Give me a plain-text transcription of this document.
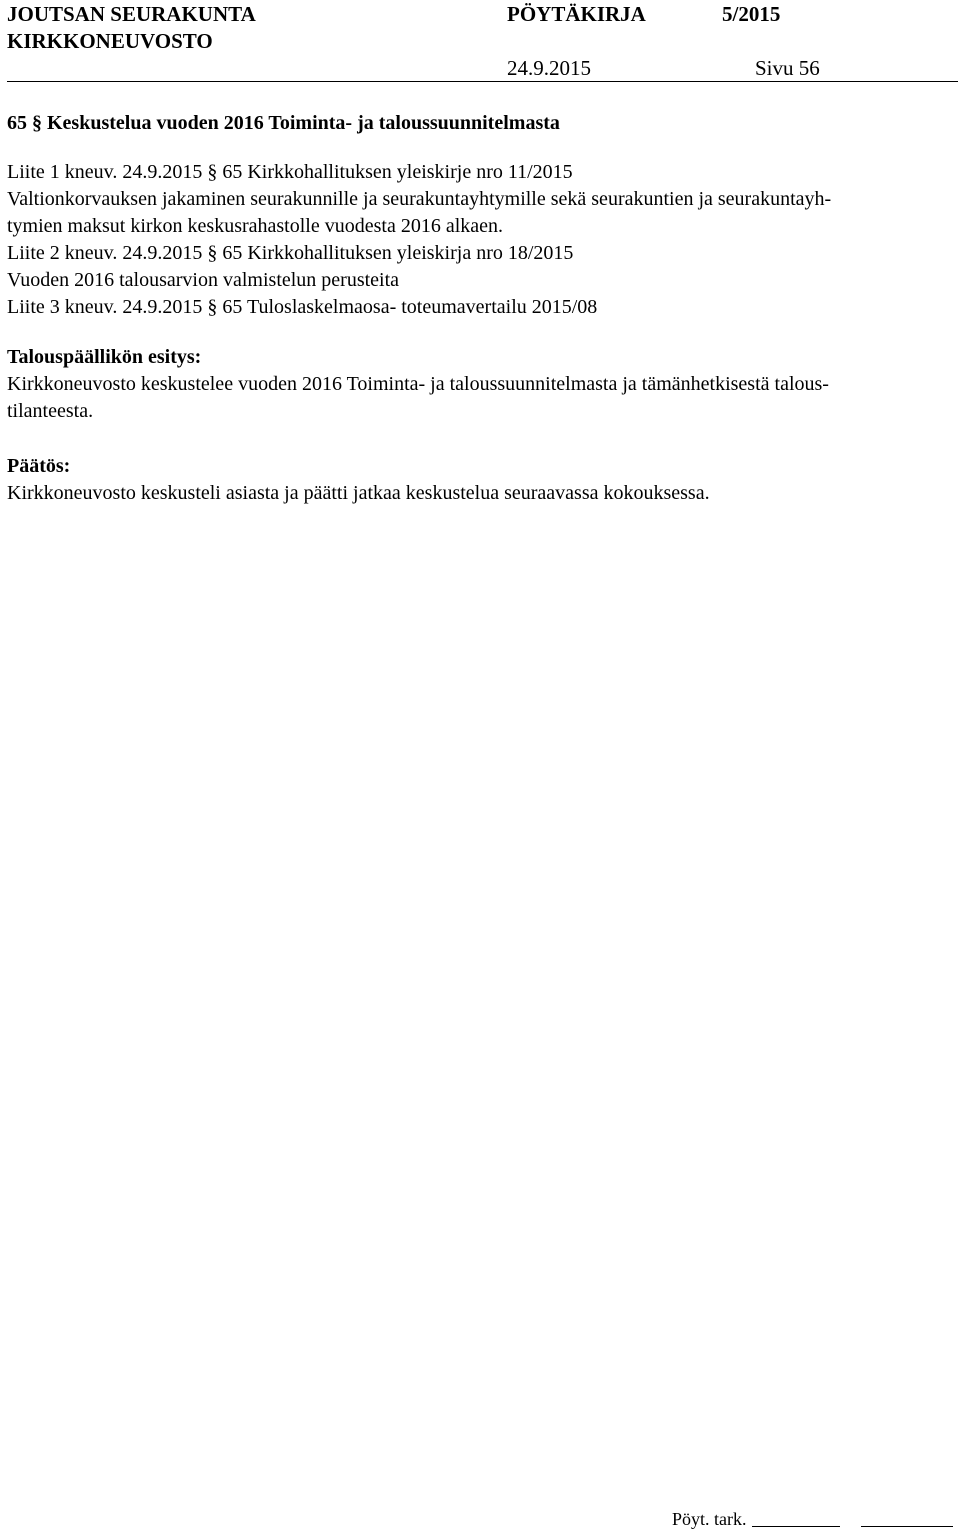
JOUTSAN SEURAKUNTA	PÖYTÄKIRJA	5/2015
KIRKKONEUVOSTO
24.9.2015	Sivu 56
65 § Keskustelua vuoden 2016 Toiminta- ja taloussuunnitelmasta
Liite 1 kneuv. 24.9.2015 § 65 Kirkkohallituksen yleiskirje nro 11/2015
Valtionkorvauksen jakaminen seurakunnille ja seurakuntayhtymille sekä seurakuntien ja seurakuntayh-
tymien maksut kirkon keskusrahastolle vuodesta 2016 alkaen.
Liite 2 kneuv. 24.9.2015 § 65 Kirkkohallituksen yleiskirja nro 18/2015
Vuoden 2016 talousarvion valmistelun perusteita
Liite 3 kneuv. 24.9.2015 § 65 Tuloslaskelmaosa- toteumavertailu 2015/08
Talouspäällikön esitys:
Kirkkoneuvosto keskustelee vuoden 2016 Toiminta- ja taloussuunnitelmasta ja tämänhetkisestä talous-
tilanteesta.
Päätös:
Kirkkoneuvosto keskusteli asiasta ja päätti jatkaa keskustelua seuraavassa kokouksessa.
Pöyt. tark.
